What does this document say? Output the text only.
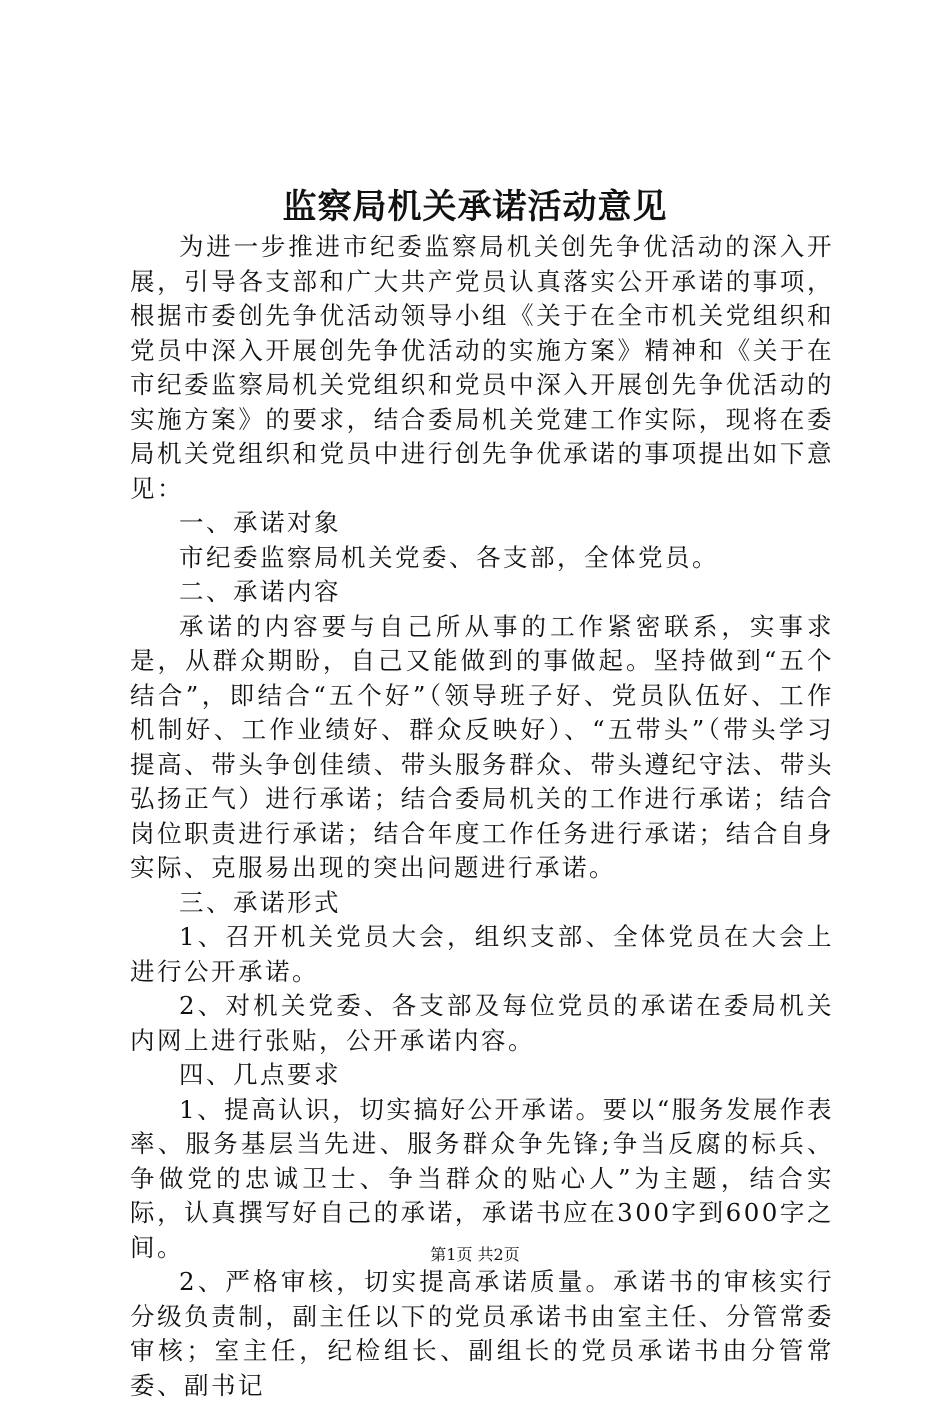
监察局机关承诺活动意见

为进一步推进市纪委监察局机关创先争优活动的深入开展，引导各支部和广大共产党员认真落实公开承诺的事项，根据市委创先争优活动领导小组《关于在全市机关党组织和党员中深入开展创先争优活动的实施方案》精神和《关于在市纪委监察局机关党组织和党员中深入开展创先争优活动的实施方案》的要求，结合委局机关党建工作实际，现将在委局机关党组织和党员中进行创先争优承诺的事项提出如下意见：

一、承诺对象

市纪委监察局机关党委、各支部，全体党员。

二、承诺内容

承诺的内容要与自己所从事的工作紧密联系，实事求是，从群众期盼，自己又能做到的事做起。坚持做到“五个结合”，即结合“五个好”（领导班子好、党员队伍好、工作机制好、工作业绩好、群众反映好）、“五带头”（带头学习提高、带头争创佳绩、带头服务群众、带头遵纪守法、带头弘扬正气）进行承诺；结合委局机关的工作进行承诺；结合岗位职责进行承诺；结合年度工作任务进行承诺；结合自身实际、克服易出现的突出问题进行承诺。

三、承诺形式

1、召开机关党员大会，组织支部、全体党员在大会上进行公开承诺。

2、对机关党委、各支部及每位党员的承诺在委局机关内网上进行张贴，公开承诺内容。

四、几点要求

1、提高认识，切实搞好公开承诺。要以“服务发展作表率、服务基层当先进、服务群众争先锋;争当反腐的标兵、争做党的忠诚卫士、争当群众的贴心人”为主题，结合实际，认真撰写好自己的承诺，承诺书应在300字到600字之间。

2、严格审核，切实提高承诺质量。承诺书的审核实行分级负责制，副主任以下的党员承诺书由室主任、分管常委审核；室主任，纪检组长、副组长的党员承诺书由分管常委、副书记

第1页 共2页
